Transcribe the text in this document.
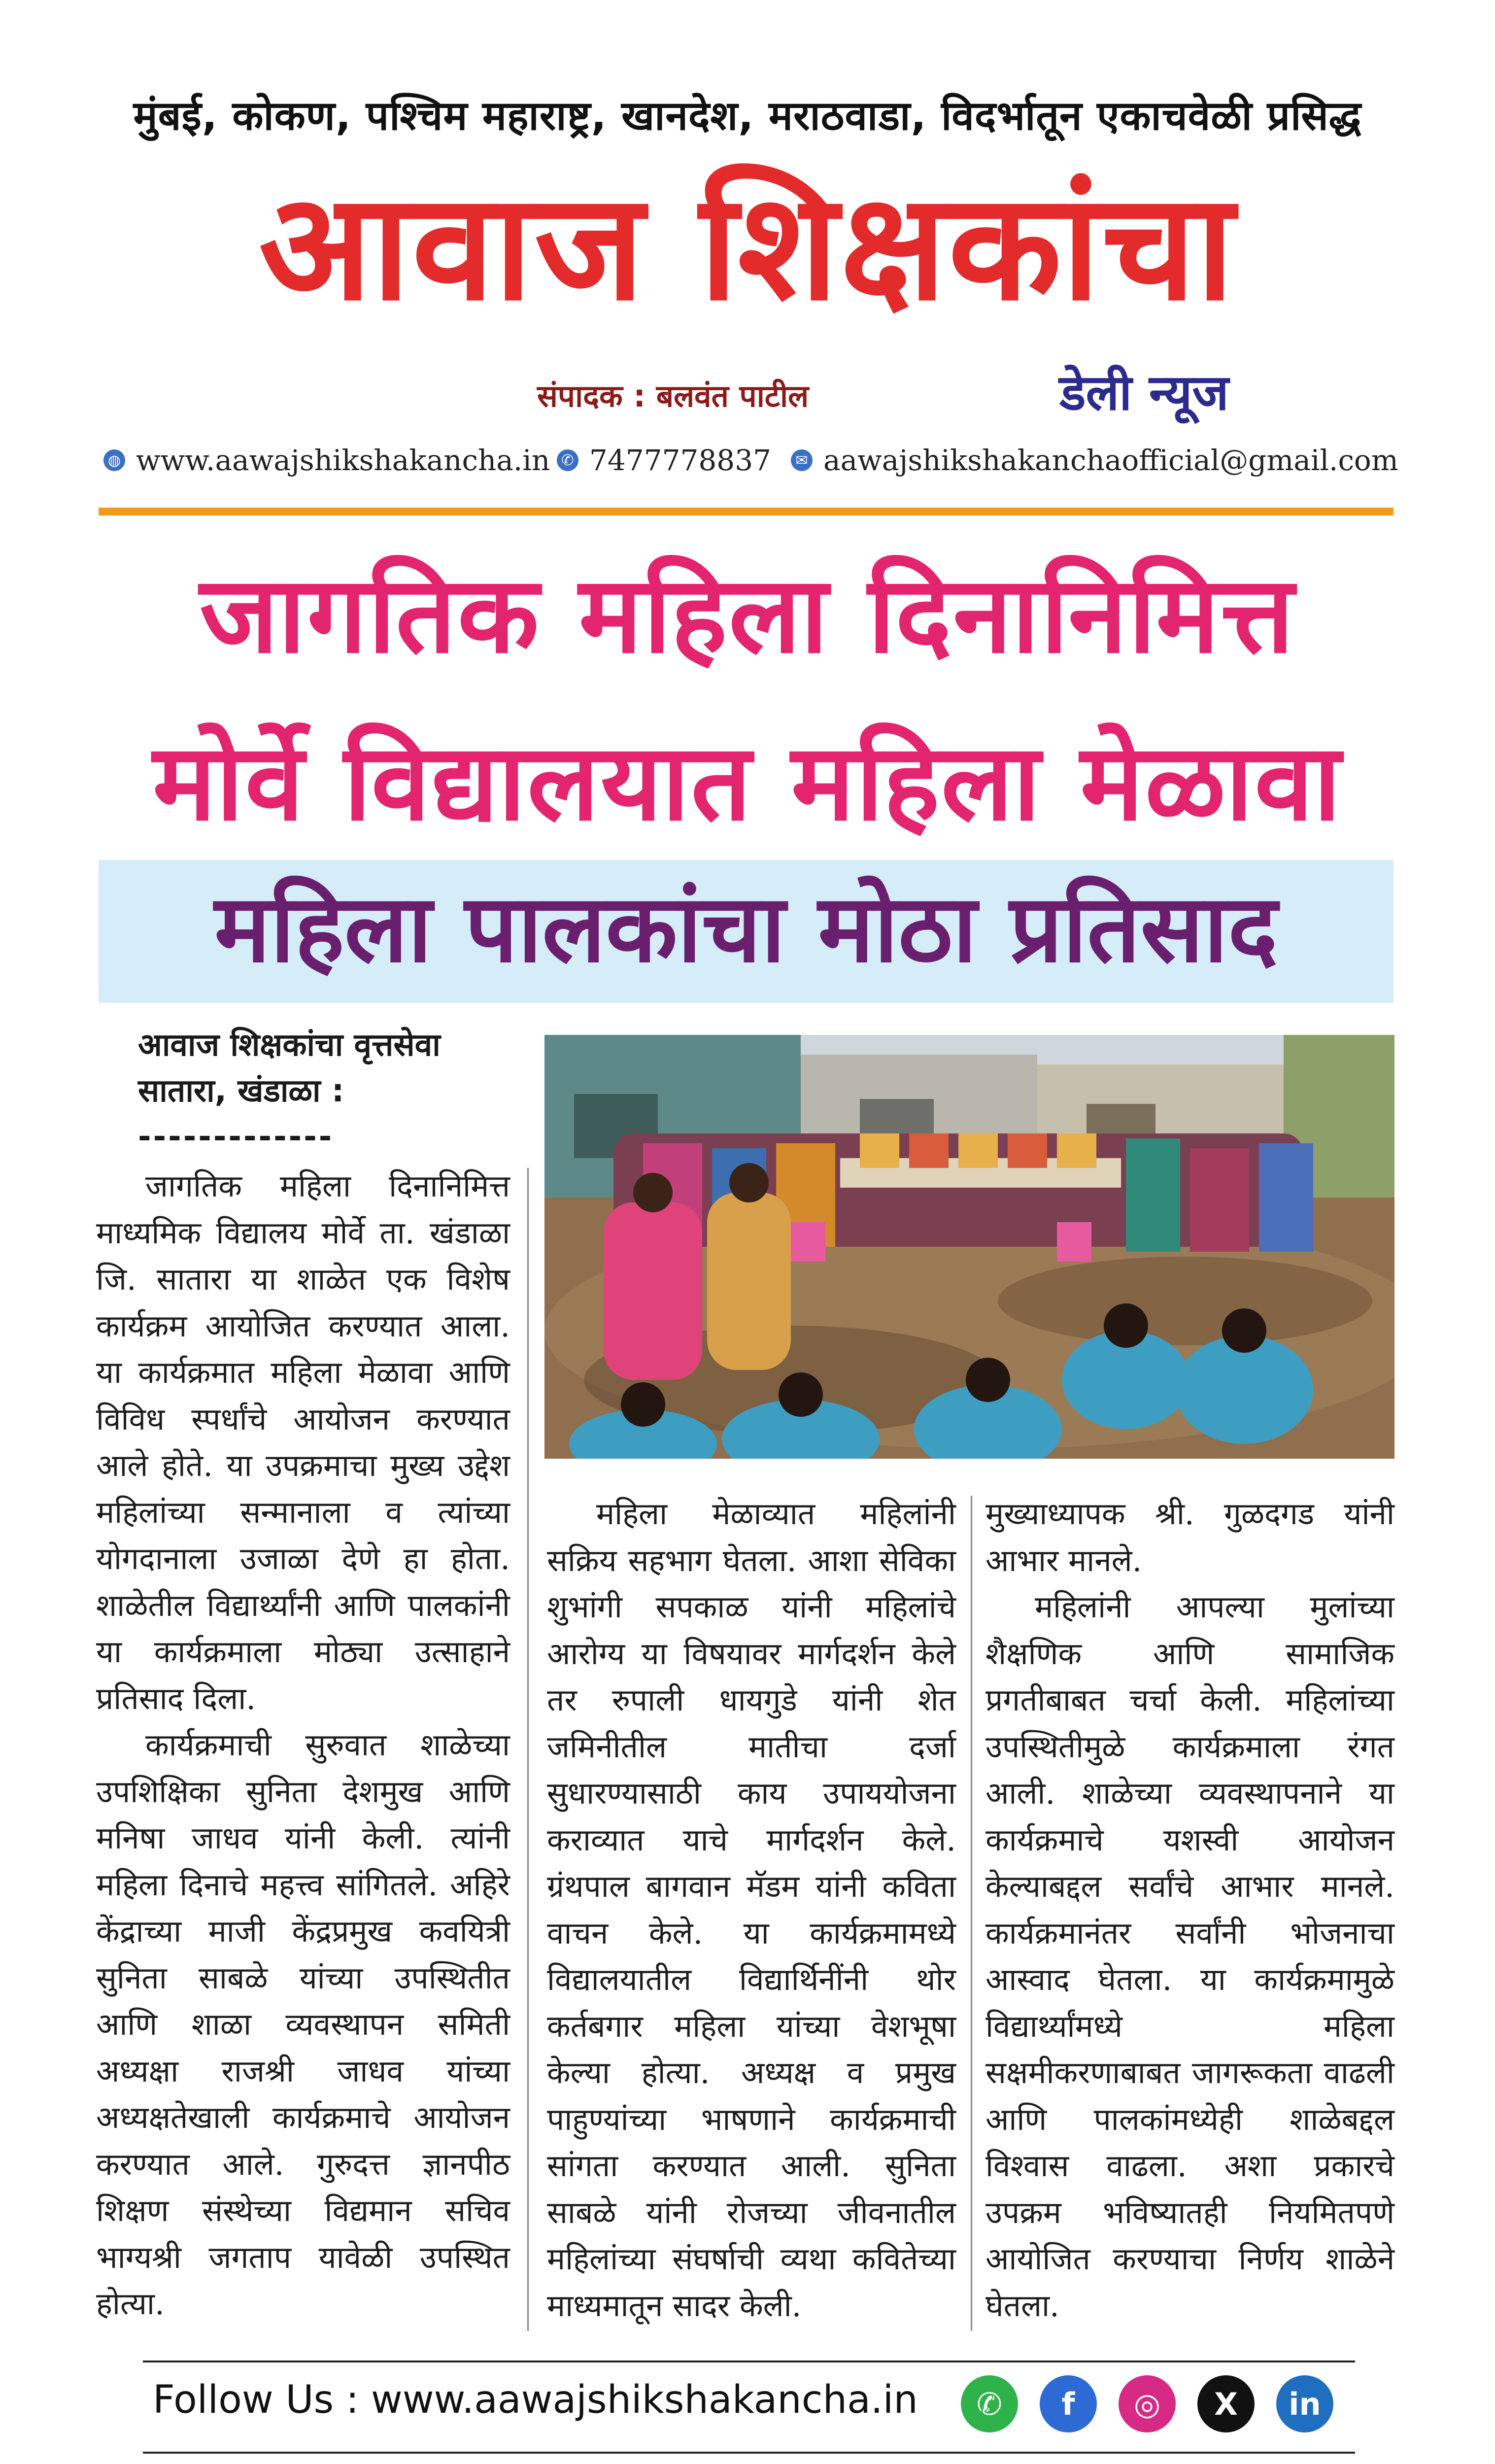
मुंबई, कोकण, पश्चिम महाराष्ट्र, खानदेश, मराठवाडा, विदर्भातून एकाचवेळी प्रसिद्ध
आवाज शिक्षकांचा
संपादक : बलवंत पाटील	डेली न्यूज
◍ www.aawajshikshakancha.in ✆ 7477778837	✉ aawajshikshakanchaofficial@gmail.com
जागतिक महिला दिनानिमित्त
मोर्वे विद्यालयात महिला मेळावा
महिला पालकांचा मोठा प्रतिसाद
आवाज शिक्षकांचा वृत्तसेवा
सातारा, खंडाळा :
-------------

जागतिक महिला दिनानिमित्त माध्यमिक विद्यालय मोर्वे ता. खंडाळा जि. सातारा या शाळेत एक विशेष कार्यक्रम आयोजित करण्यात आला. या कार्यक्रमात महिला मेळावा आणि विविध स्पर्धांचे आयोजन करण्यात आले होते. या उपक्रमाचा मुख्य उद्देश महिलांच्या सन्मानाला व त्यांच्या योगदानाला उजाळा देणे हा होता. शाळेतील विद्यार्थ्यांनी आणि पालकांनी या कार्यक्रमाला मोठ्या उत्साहाने प्रतिसाद दिला.

कार्यक्रमाची सुरुवात शाळेच्या उपशिक्षिका सुनिता देशमुख आणि मनिषा जाधव यांनी केली. त्यांनी महिला दिनाचे महत्त्व सांगितले. अहिरे केंद्राच्या माजी केंद्रप्रमुख कवयित्री सुनिता साबळे यांच्या उपस्थितीत आणि शाळा व्यवस्थापन समिती अध्यक्षा राजश्री जाधव यांच्या अध्यक्षतेखाली कार्यक्रमाचे आयोजन करण्यात आले. गुरुदत्त ज्ञानपीठ शिक्षण संस्थेच्या विद्यमान सचिव भाग्यश्री जगताप यावेळी उपस्थित होत्या.

महिला मेळाव्यात महिलांनी सक्रिय सहभाग घेतला. आशा सेविका शुभांगी सपकाळ यांनी महिलांचे आरोग्य या विषयावर मार्गदर्शन केले तर रुपाली धायगुडे यांनी शेत जमिनीतील मातीचा दर्जा सुधारण्यासाठी काय उपाययोजना कराव्यात याचे मार्गदर्शन केले. ग्रंथपाल बागवान मॅडम यांनी कविता वाचन केले. या कार्यक्रमामध्ये विद्यालयातील विद्यार्थिनींनी थोर कर्तबगार महिला यांच्या वेशभूषा केल्या होत्या. अध्यक्ष व प्रमुख पाहुण्यांच्या भाषणाने कार्यक्रमाची सांगता करण्यात आली. सुनिता साबळे यांनी रोजच्या जीवनातील महिलांच्या संघर्षाची व्यथा कवितेच्या माध्यमातून सादर केली.

मुख्याध्यापक श्री. गुळदगड यांनी आभार मानले.

महिलांनी आपल्या मुलांच्या शैक्षणिक आणि सामाजिक प्रगतीबाबत चर्चा केली. महिलांच्या उपस्थितीमुळे कार्यक्रमाला रंगत आली. शाळेच्या व्यवस्थापनाने या कार्यक्रमाचे यशस्वी आयोजन केल्याबद्दल सर्वांचे आभार मानले. कार्यक्रमानंतर सर्वांनी भोजनाचा आस्वाद घेतला. या कार्यक्रमामुळे विद्यार्थ्यांमध्ये महिला सक्षमीकरणाबाबत जागरूकता वाढली आणि पालकांमध्येही शाळेबद्दल विश्वास वाढला. अशा प्रकारचे उपक्रम भविष्यातही नियमितपणे आयोजित करण्याचा निर्णय शाळेने घेतला.

Follow Us : www.aawajshikshakancha.in	✆	f	◎	X	in
